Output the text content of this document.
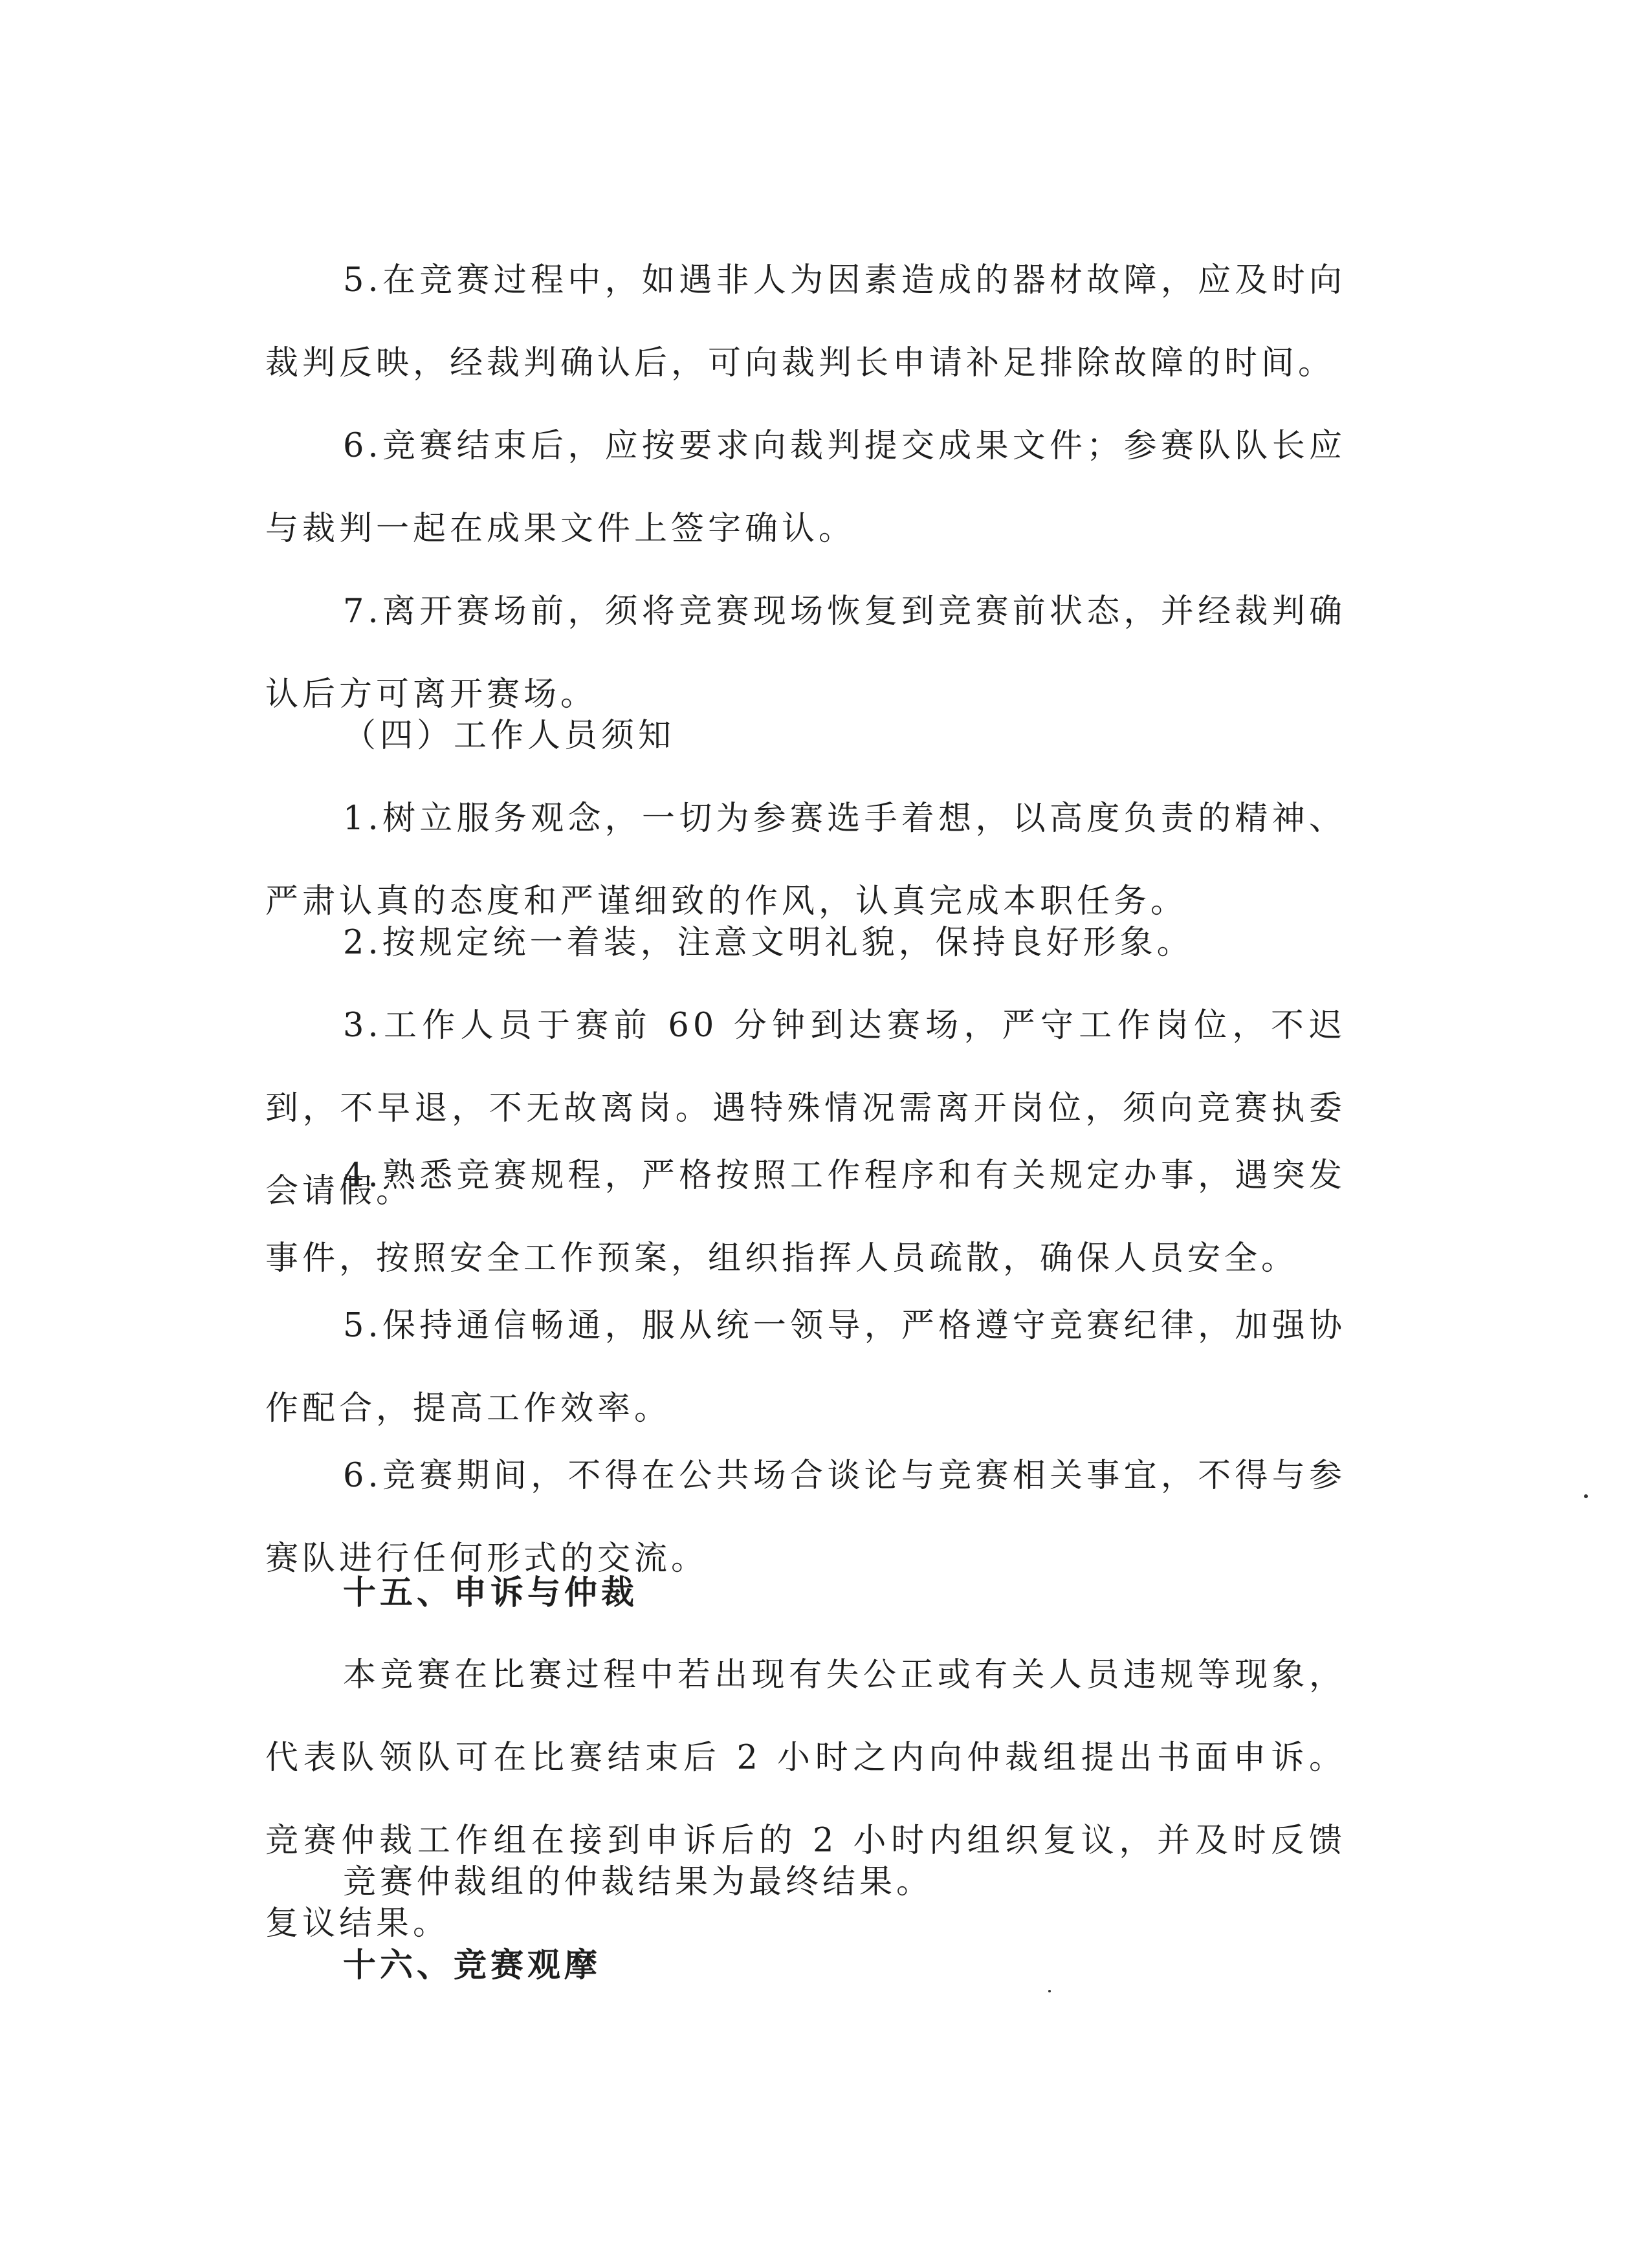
5.在竞赛过程中，如遇非人为因素造成的器材故障，应及时向裁判反映，经裁判确认后，可向裁判长申请补足排除故障的时间。

6.竞赛结束后，应按要求向裁判提交成果文件；参赛队队长应与裁判一起在成果文件上签字确认。

7.离开赛场前，须将竞赛现场恢复到竞赛前状态，并经裁判确认后方可离开赛场。

（四）工作人员须知

1.树立服务观念，一切为参赛选手着想，以高度负责的精神、严肃认真的态度和严谨细致的作风，认真完成本职任务。

2.按规定统一着装，注意文明礼貌，保持良好形象。

3.工作人员于赛前 60 分钟到达赛场，严守工作岗位，不迟到，不早退，不无故离岗。遇特殊情况需离开岗位，须向竞赛执委会请假。

4.熟悉竞赛规程，严格按照工作程序和有关规定办事，遇突发事件，按照安全工作预案，组织指挥人员疏散，确保人员安全。

5.保持通信畅通，服从统一领导，严格遵守竞赛纪律，加强协作配合，提高工作效率。

6.竞赛期间，不得在公共场合谈论与竞赛相关事宜，不得与参赛队进行任何形式的交流。

十五、申诉与仲裁

本竞赛在比赛过程中若出现有失公正或有关人员违规等现象，代表队领队可在比赛结束后 2 小时之内向仲裁组提出书面申诉。竞赛仲裁工作组在接到申诉后的 2 小时内组织复议，并及时反馈复议结果。

竞赛仲裁组的仲裁结果为最终结果。

十六、竞赛观摩
